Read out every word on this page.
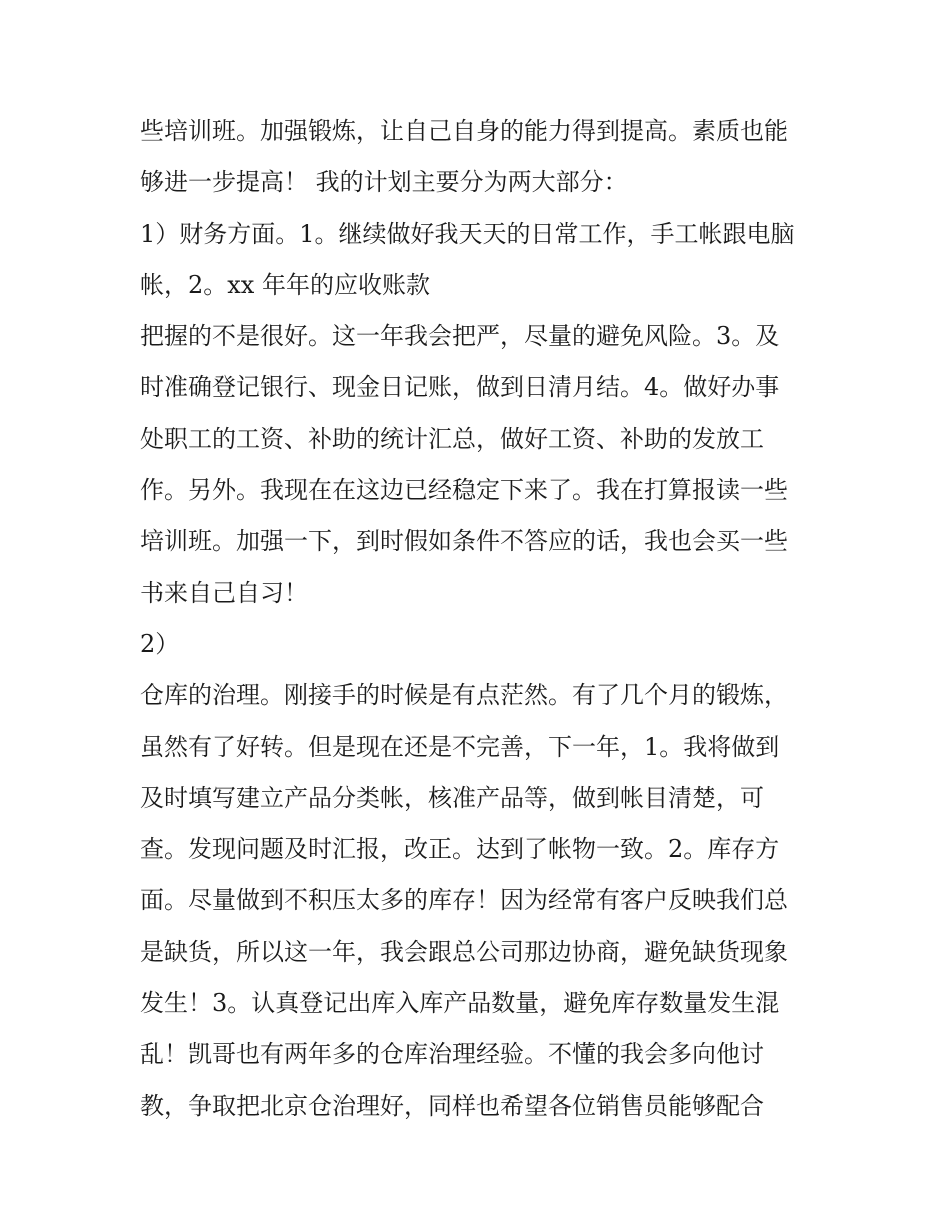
些培训班。加强锻炼，让自己自身的能力得到提高。素质也能
够进一步提高！ 我的计划主要分为两大部分：
1）财务方面。1。继续做好我天天的日常工作，手工帐跟电脑
帐，2。xx 年年的应收账款
把握的不是很好。这一年我会把严，尽量的避免风险。3。及
时准确登记银行、现金日记账，做到日清月结。4。做好办事
处职工的工资、补助的统计汇总，做好工资、补助的发放工
作。另外。我现在在这边已经稳定下来了。我在打算报读一些
培训班。加强一下，到时假如条件不答应的话，我也会买一些
书来自己自习！
2）
仓库的治理。刚接手的时候是有点茫然。有了几个月的锻炼，
虽然有了好转。但是现在还是不完善，下一年，1。我将做到
及时填写建立产品分类帐，核准产品等，做到帐目清楚，可
查。发现问题及时汇报，改正。达到了帐物一致。2。库存方
面。尽量做到不积压太多的库存！因为经常有客户反映我们总
是缺货，所以这一年，我会跟总公司那边协商，避免缺货现象
发生！3。认真登记出库入库产品数量，避免库存数量发生混
乱！凯哥也有两年多的仓库治理经验。不懂的我会多向他讨
教，争取把北京仓治理好，同样也希望各位销售员能够配合
